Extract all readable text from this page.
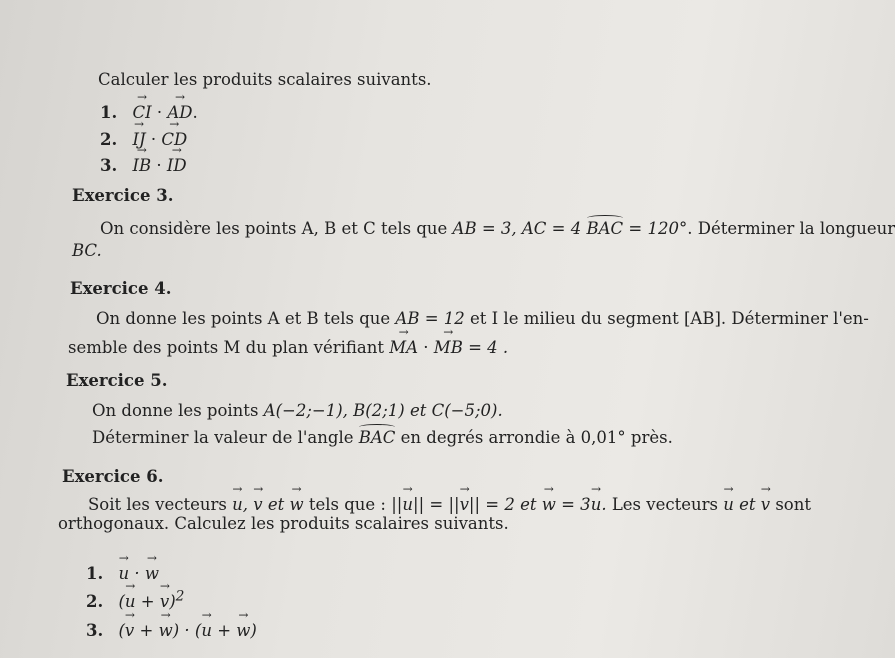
Calculer les produits scalaires suivants.
1. → CI · → AD.
2. → IJ · → CD
3. → IB · → ID
Exercice 3.
On considère les points A, B et C tels que AB = 3, AC = 4 BAC = 120°. Déterminer la longueur
BC.
Exercice 4.
On donne les points A et B tels que AB = 12 et I le milieu du segment [AB]. Déterminer l'en-
semble des points M du plan vérifiant → MA · → MB = 4 .
Exercice 5.
On donne les points A(−2;−1), B(2;1) et C(−5;0).
Déterminer la valeur de l'angle BAC en degrés arrondie à 0,01° près.
Exercice 6.
Soit les vecteurs → u, → v et → w tels que : ||→ u|| = ||→ v|| = 2 et → w = 3→ u. Les vecteurs → u et → v sont
orthogonaux. Calculez les produits scalaires suivants.
1. → u · → w
2. (→ u + → v)$^2$
3. (→ v + → w) · (→ u + → w)
